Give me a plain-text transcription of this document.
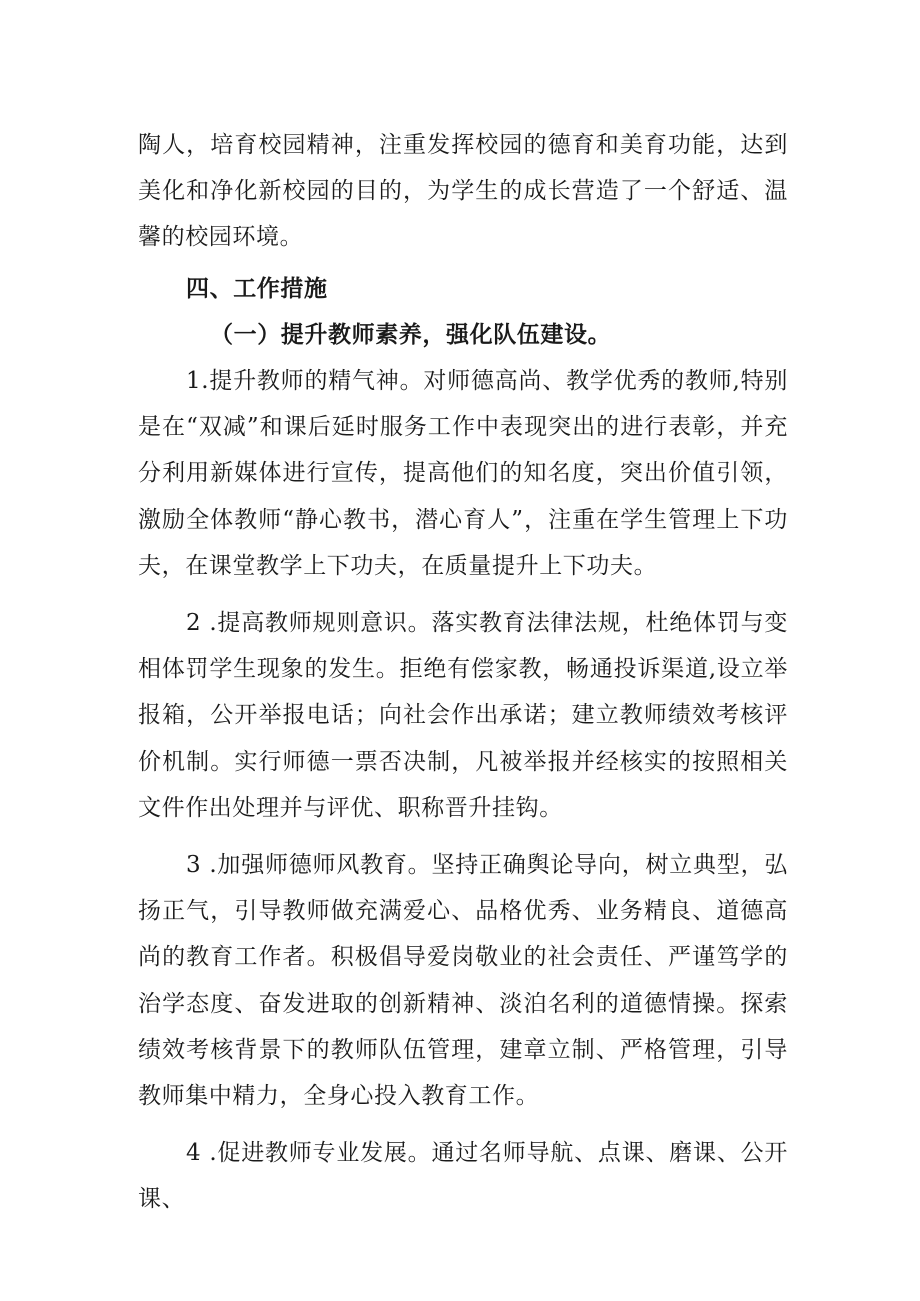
陶人，培育校园精神，注重发挥校园的德育和美育功能，达到美化和净化新校园的目的，为学生的成长营造了一个舒适、温馨的校园环境。

四、工作措施

（一）提升教师素养，强化队伍建设。

1.提升教师的精气神。对师德高尚、教学优秀的教师,特别是在“双减”和课后延时服务工作中表现突出的进行表彰，并充分利用新媒体进行宣传，提高他们的知名度，突出价值引领，激励全体教师“静心教书，潜心育人”，注重在学生管理上下功夫，在课堂教学上下功夫，在质量提升上下功夫。

2 .提高教师规则意识。落实教育法律法规，杜绝体罚与变相体罚学生现象的发生。拒绝有偿家教，畅通投诉渠道,设立举报箱，公开举报电话；向社会作出承诺；建立教师绩效考核评价机制。实行师德一票否决制，凡被举报并经核实的按照相关文件作出处理并与评优、职称晋升挂钩。

3 .加强师德师风教育。坚持正确舆论导向，树立典型，弘扬正气，引导教师做充满爱心、品格优秀、业务精良、道德高尚的教育工作者。积极倡导爱岗敬业的社会责任、严谨笃学的治学态度、奋发进取的创新精神、淡泊名利的道德情操。探索绩效考核背景下的教师队伍管理，建章立制、严格管理，引导教师集中精力，全身心投入教育工作。

4 .促进教师专业发展。通过名师导航、点课、磨课、公开课、
